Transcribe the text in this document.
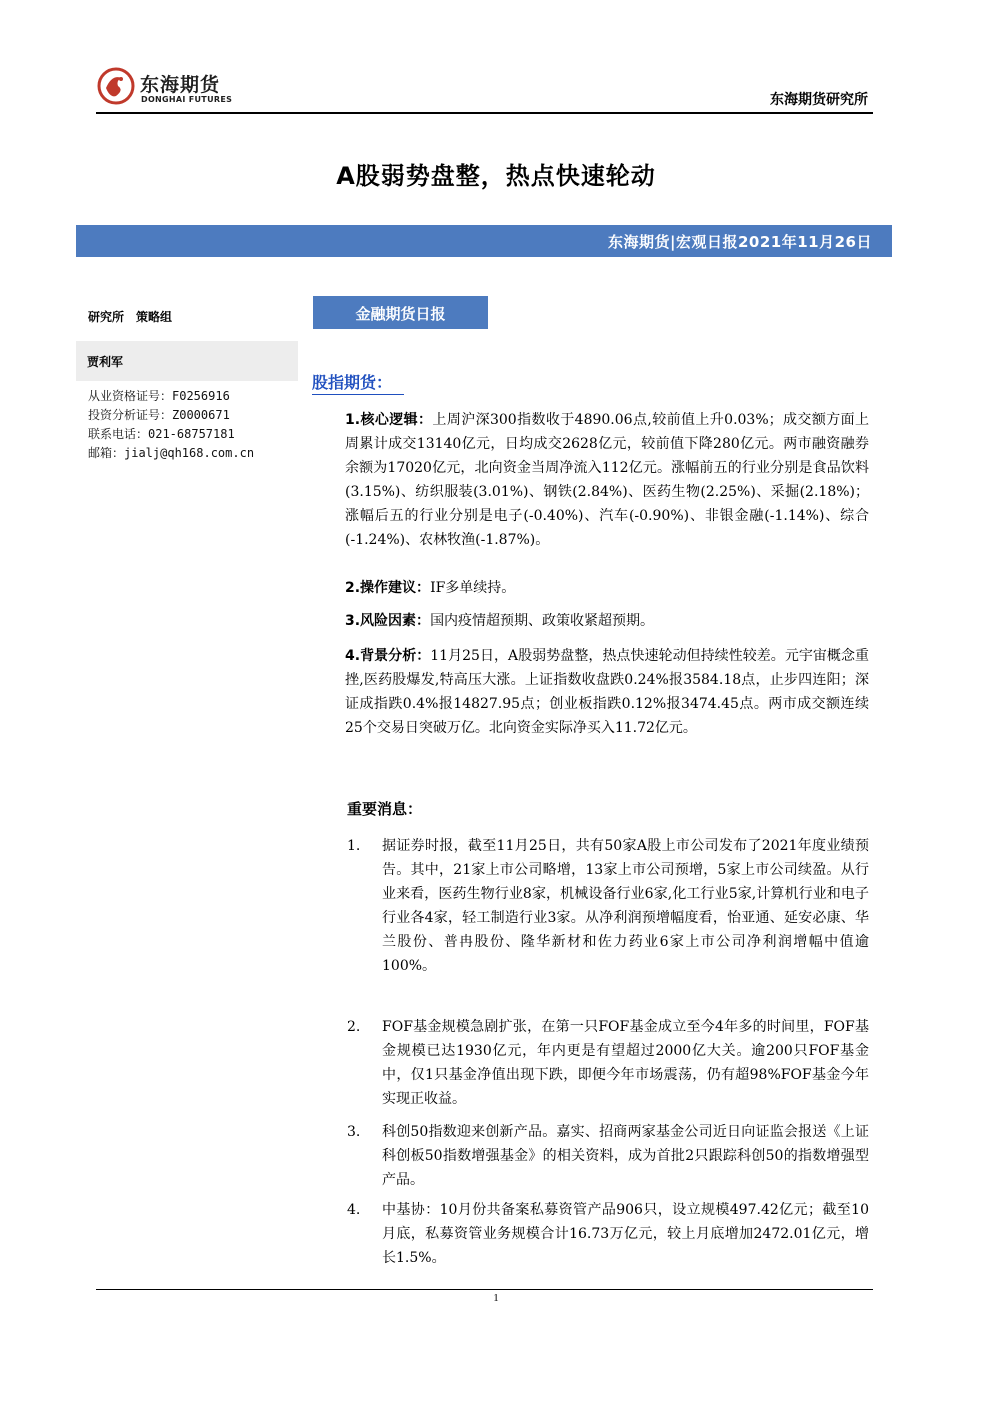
东海期货
DONGHAI FUTURES	东海期货研究所
A股弱势盘整，热点快速轮动
东海期货|宏观日报2021年11月26日
研究所　策略组
贾利军
从业资格证号：F0256916
投资分析证号：Z0000671
联系电话：021-68757181
邮箱：jialj@qh168.com.cn
金融期货日报
股指期货：
1.核心逻辑：上周沪深300指数收于4890.06点,较前值上升0.03%；成交额方面上周累计成交13140亿元，日均成交2628亿元，较前值下降280亿元。两市融资融券余额为17020亿元，北向资金当周净流入112亿元。涨幅前五的行业分别是食品饮料(3.15%)、纺织服装(3.01%)、钢铁(2.84%)、医药生物(2.25%)、采掘(2.18%)；涨幅后五的行业分别是电子(-0.40%)、汽车(-0.90%)、非银金融(-1.14%)、综合(-1.24%)、农林牧渔(-1.87%)。
2.操作建议：IF多单续持。
3.风险因素：国内疫情超预期、政策收紧超预期。
4.背景分析：11月25日，A股弱势盘整，热点快速轮动但持续性较差。元宇宙概念重挫,医药股爆发,特高压大涨。上证指数收盘跌0.24%报3584.18点，止步四连阳；深证成指跌0.4%报14827.95点；创业板指跌0.12%报3474.45点。两市成交额连续25个交易日突破万亿。北向资金实际净买入11.72亿元。
重要消息：
1. 据证券时报，截至11月25日，共有50家A股上市公司发布了2021年度业绩预告。其中，21家上市公司略增，13家上市公司预增，5家上市公司续盈。从行业来看，医药生物行业8家，机械设备行业6家,化工行业5家,计算机行业和电子行业各4家，轻工制造行业3家。从净利润预增幅度看，怡亚通、延安必康、华兰股份、普冉股份、隆华新材和佐力药业6家上市公司净利润增幅中值逾100%。
2. FOF基金规模急剧扩张，在第一只FOF基金成立至今4年多的时间里，FOF基金规模已达1930亿元，年内更是有望超过2000亿大关。逾200只FOF基金中，仅1只基金净值出现下跌，即便今年市场震荡，仍有超98%FOF基金今年实现正收益。
3. 科创50指数迎来创新产品。嘉实、招商两家基金公司近日向证监会报送《上证科创板50指数增强基金》的相关资料，成为首批2只跟踪科创50的指数增强型产品。
4. 中基协：10月份共备案私募资管产品906只，设立规模497.42亿元；截至10月底，私募资管业务规模合计16.73万亿元，较上月底增加2472.01亿元，增长1.5%。
1
